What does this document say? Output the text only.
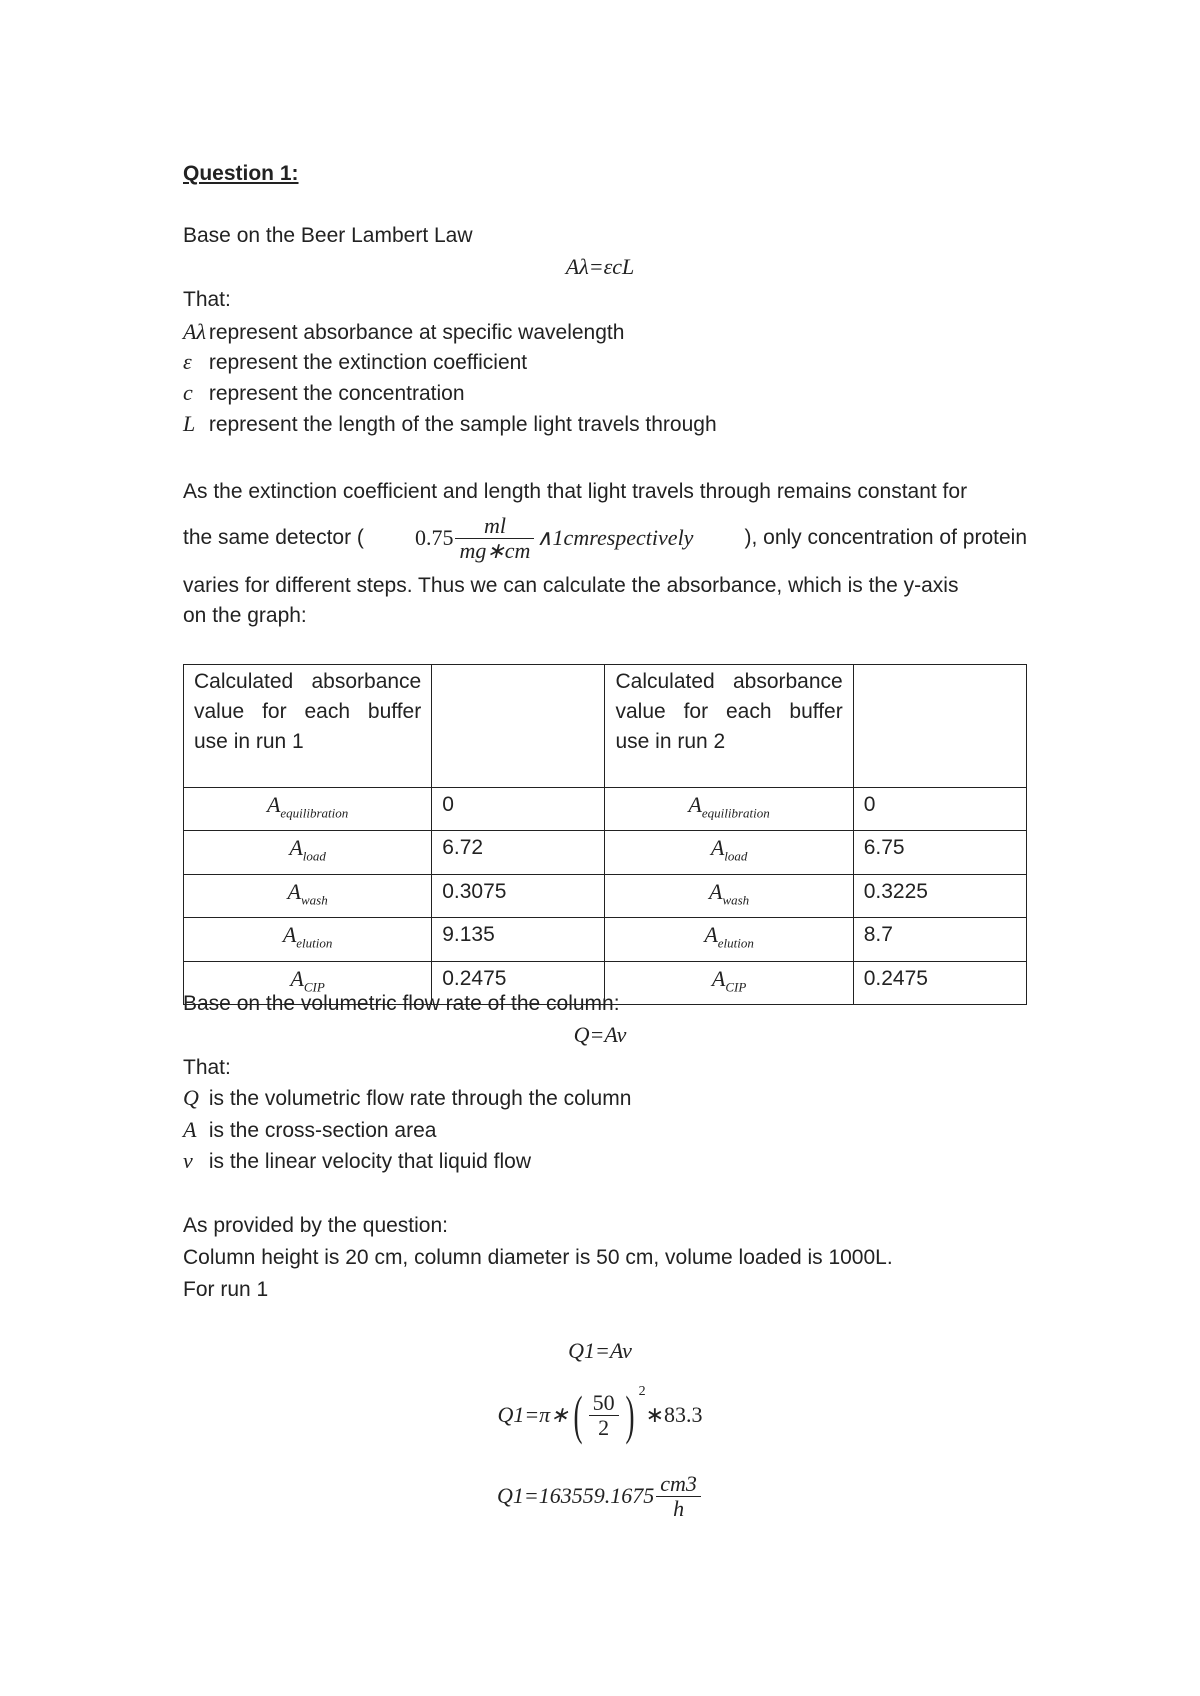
Question 1:
Base on the Beer Lambert Law
Aλ=εcL
That:
Aλ represent absorbance at specific wavelength
ε represent the extinction coefficient
c represent the concentration
L represent the length of the sample light travels through
As the extinction coefficient and length that light travels through remains constant for
the same detector ( $0.75 \frac{ml}{mg∗cm}$ ∧1cmrespectively ), only concentration of protein
varies for different steps. Thus we can calculate the absorbance, which is the y-axis
on the graph:
Calculated absorbance value for each buffer use in run 1		Calculated absorbance value for each buffer use in run 2	
$A_{equilibration}$	0	$A_{equilibration}$	0
$A_{load}$	6.72	$A_{load}$	6.75
$A_{wash}$	0.3075	$A_{wash}$	0.3225
$A_{elution}$	9.135	$A_{elution}$	8.7
$A_{CIP}$	0.2475	$A_{CIP}$	0.2475
Base on the volumetric flow rate of the column:
Q=Av
That:
Q is the volumetric flow rate through the column
A is the cross-section area
v is the linear velocity that liquid flow
As provided by the question:
Column height is 20 cm, column diameter is 50 cm, volume loaded is 1000L.
For run 1
Q1=Av
Q1=π∗ ( $\frac{50}{2}$ ) $^2$
∗83.3
$Q1=163559.1675 \frac{cm3}{h}$
